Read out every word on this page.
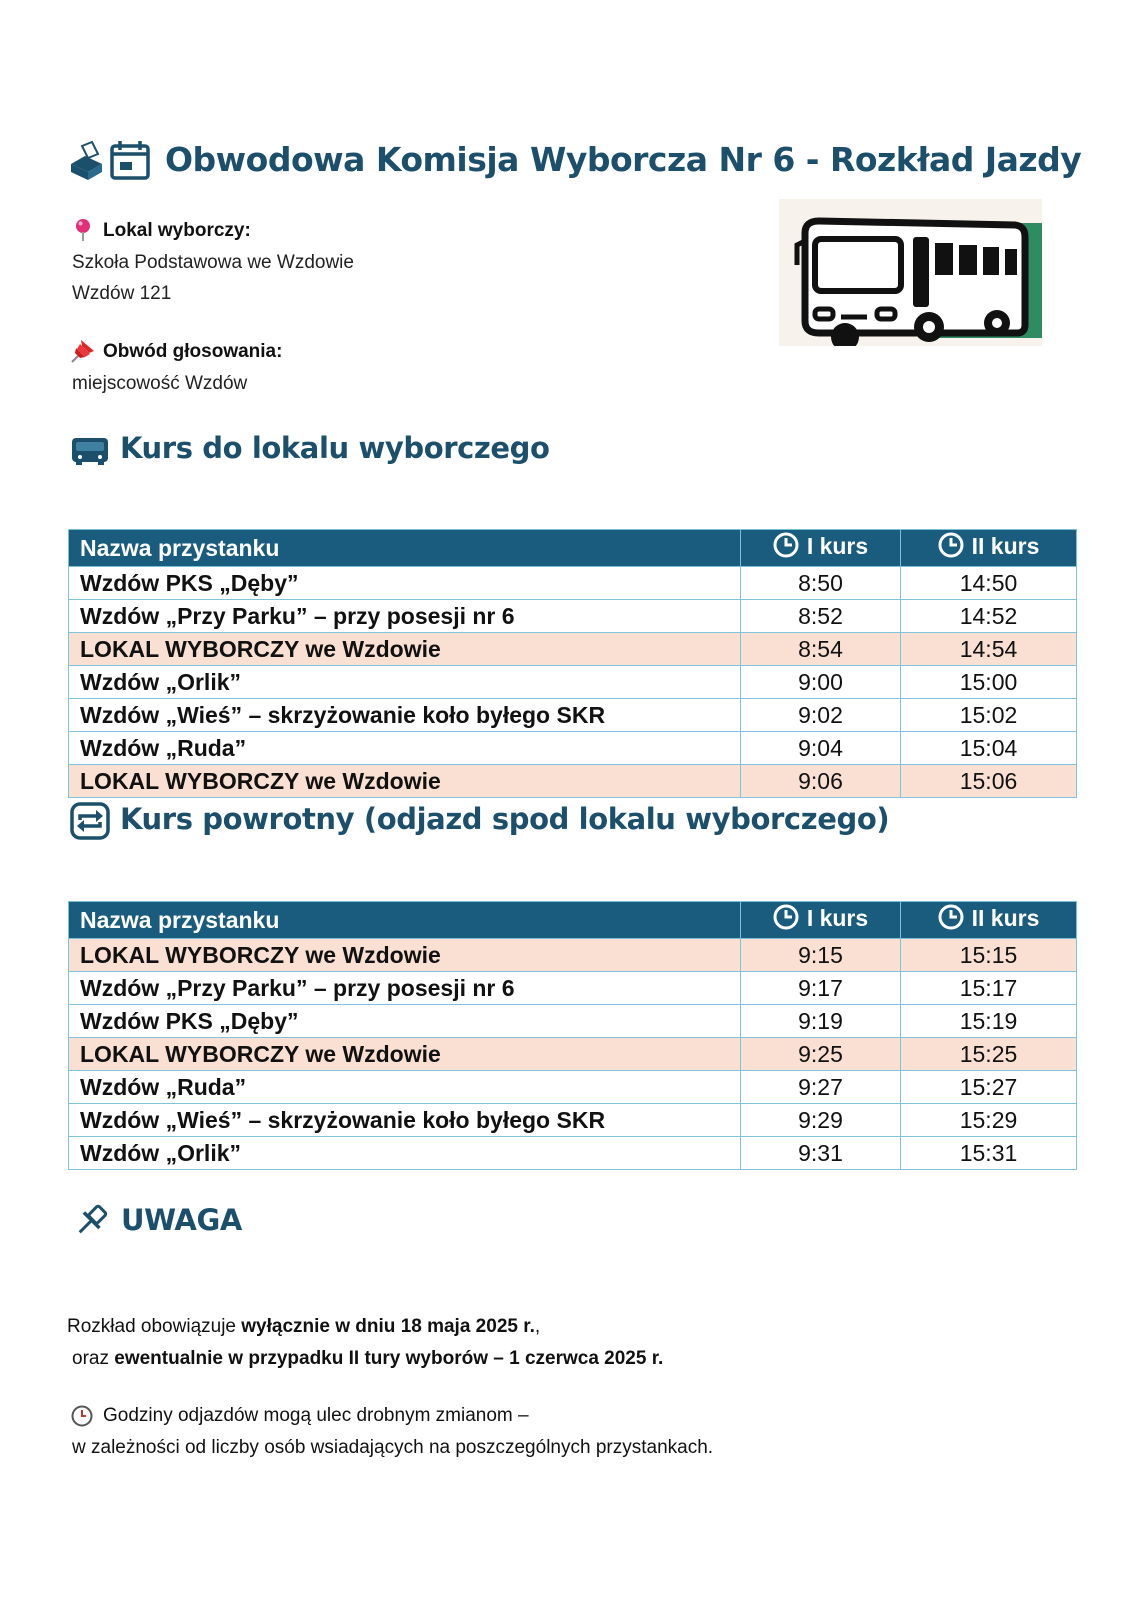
Obwodowa Komisja Wyborcza Nr 6 - Rozkład Jazdy
Lokal wyborczy:
Szkoła Podstawowa we Wzdowie
Wzdów 121
Obwód głosowania:
miejscowość Wzdów
Kurs do lokalu wyborczego
Nazwa przystanku	I kurs	II kurs
Wzdów PKS „Dęby”	8:50	14:50
Wzdów „Przy Parku” – przy posesji nr 6	8:52	14:52
LOKAL WYBORCZY we Wzdowie	8:54	14:54
Wzdów „Orlik”	9:00	15:00
Wzdów „Wieś” – skrzyżowanie koło byłego SKR	9:02	15:02
Wzdów „Ruda”	9:04	15:04
LOKAL WYBORCZY we Wzdowie	9:06	15:06
Kurs powrotny (odjazd spod lokalu wyborczego)
Nazwa przystanku	I kurs	II kurs
LOKAL WYBORCZY we Wzdowie	9:15	15:15
Wzdów „Przy Parku” – przy posesji nr 6	9:17	15:17
Wzdów PKS „Dęby”	9:19	15:19
LOKAL WYBORCZY we Wzdowie	9:25	15:25
Wzdów „Ruda”	9:27	15:27
Wzdów „Wieś” – skrzyżowanie koło byłego SKR	9:29	15:29
Wzdów „Orlik”	9:31	15:31
UWAGA
Rozkład obowiązuje wyłącznie w dniu 18 maja 2025 r.,
oraz ewentualnie w przypadku II tury wyborów – 1 czerwca 2025 r.
Godziny odjazdów mogą ulec drobnym zmianom –
w zależności od liczby osób wsiadających na poszczególnych przystankach.
